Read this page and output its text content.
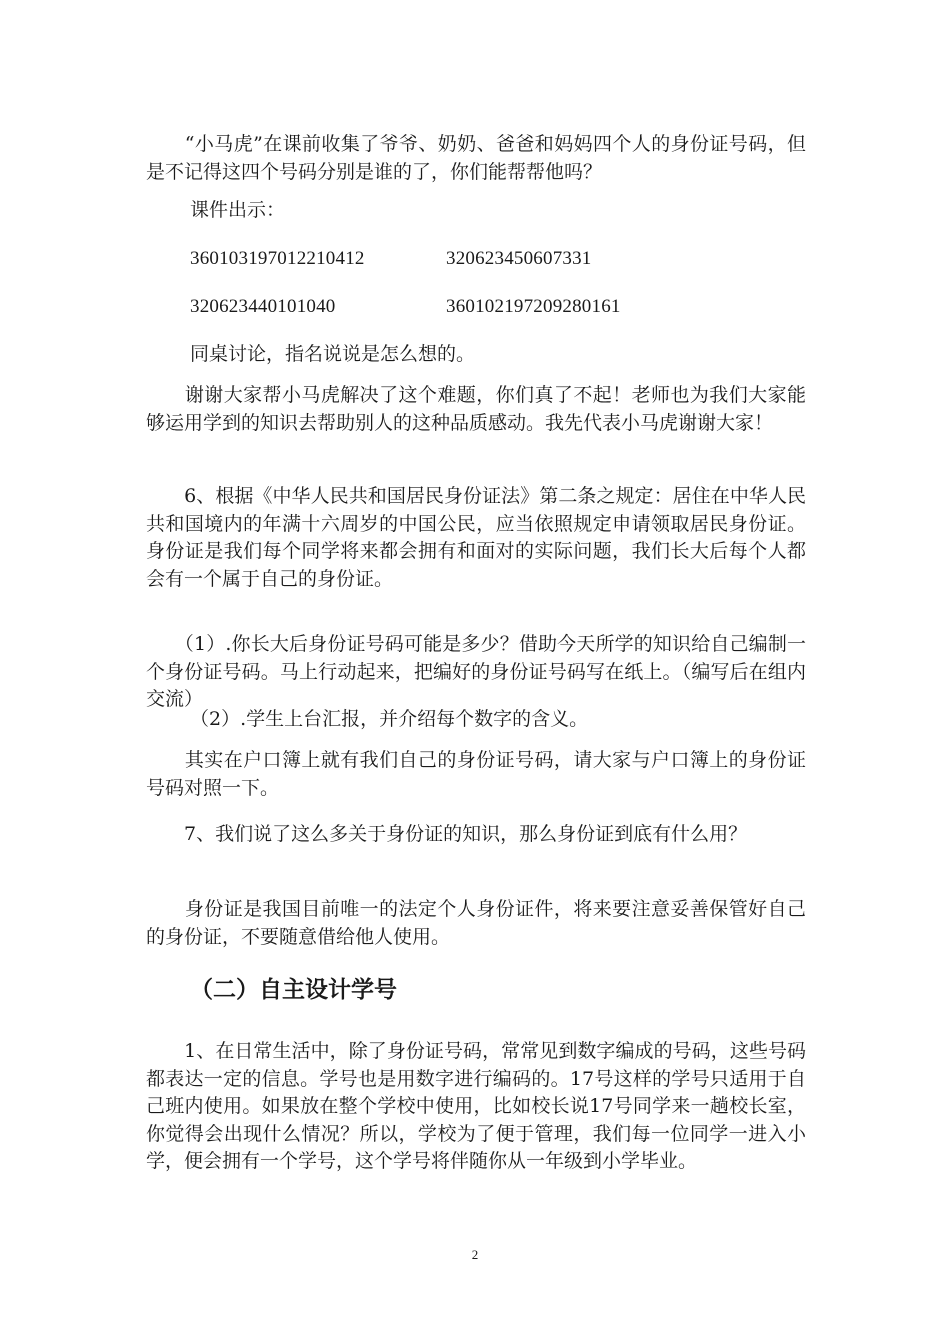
　　“小马虎”在课前收集了爷爷、奶奶、爸爸和妈妈四个人的身份证号码，但是不记得这四个号码分别是谁的了，你们能帮帮他吗？

课件出示：

360103197012210412	320623450607331
320623440101040	360102197209280161

同桌讨论，指名说说是怎么想的。

　　谢谢大家帮小马虎解决了这个难题，你们真了不起！老师也为我们大家能够运用学到的知识去帮助别人的这种品质感动。我先代表小马虎谢谢大家！

　　6、根据《中华人民共和国居民身份证法》第二条之规定：居住在中华人民共和国境内的年满十六周岁的中国公民，应当依照规定申请领取居民身份证。身份证是我们每个同学将来都会拥有和面对的实际问题，我们长大后每个人都会有一个属于自己的身份证。

　　（1）.你长大后身份证号码可能是多少？借助今天所学的知识给自己编制一个身份证号码。马上行动起来，把编好的身份证号码写在纸上。（编写后在组内交流）

（2）.学生上台汇报，并介绍每个数字的含义。

　　其实在户口簿上就有我们自己的身份证号码，请大家与户口簿上的身份证号码对照一下。

　　7、我们说了这么多关于身份证的知识，那么身份证到底有什么用？

　　身份证是我国目前唯一的法定个人身份证件，将来要注意妥善保管好自己的身份证，不要随意借给他人使用。

（二）自主设计学号

　　1、在日常生活中，除了身份证号码，常常见到数字编成的号码，这些号码都表达一定的信息。学号也是用数字进行编码的。17号这样的学号只适用于自己班内使用。如果放在整个学校中使用，比如校长说17号同学来一趟校长室，你觉得会出现什么情况？所以，学校为了便于管理，我们每一位同学一进入小学，便会拥有一个学号，这个学号将伴随你从一年级到小学毕业。

2
